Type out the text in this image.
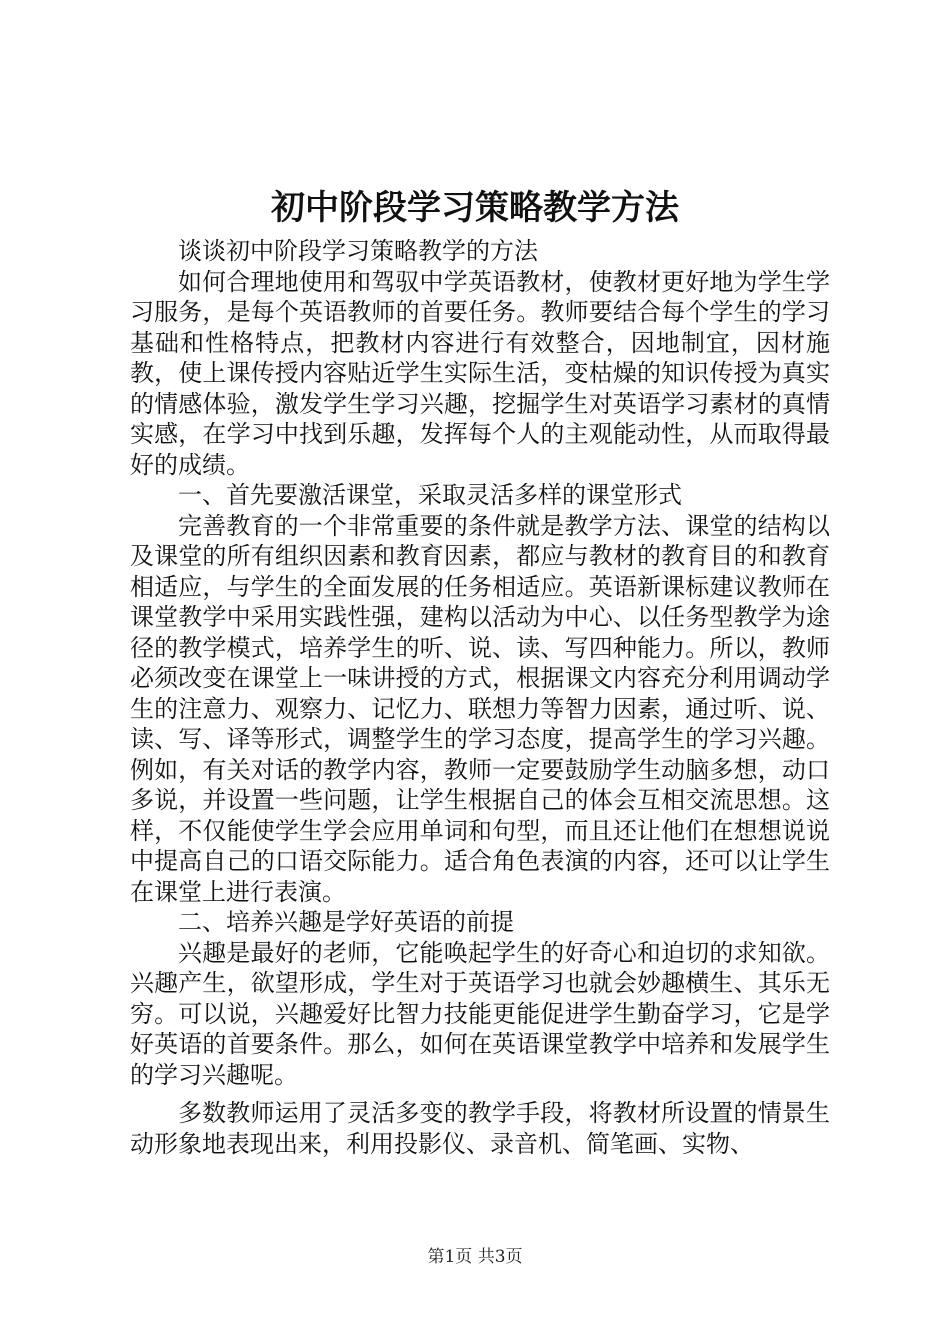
初中阶段学习策略教学方法

谈谈初中阶段学习策略教学的方法

如何合理地使用和驾驭中学英语教材，使教材更好地为学生学习服务，是每个英语教师的首要任务。教师要结合每个学生的学习基础和性格特点，把教材内容进行有效整合，因地制宜，因材施教，使上课传授内容贴近学生实际生活，变枯燥的知识传授为真实的情感体验，激发学生学习兴趣，挖掘学生对英语学习素材的真情实感，在学习中找到乐趣，发挥每个人的主观能动性，从而取得最好的成绩。

一、首先要激活课堂，采取灵活多样的课堂形式

完善教育的一个非常重要的条件就是教学方法、课堂的结构以及课堂的所有组织因素和教育因素，都应与教材的教育目的和教育相适应，与学生的全面发展的任务相适应。英语新课标建议教师在课堂教学中采用实践性强，建构以活动为中心、以任务型教学为途径的教学模式，培养学生的听、说、读、写四种能力。所以，教师必须改变在课堂上一味讲授的方式，根据课文内容充分利用调动学生的注意力、观察力、记忆力、联想力等智力因素，通过听、说、读、写、译等形式，调整学生的学习态度，提高学生的学习兴趣。例如，有关对话的教学内容，教师一定要鼓励学生动脑多想，动口多说，并设置一些问题，让学生根据自己的体会互相交流思想。这样，不仅能使学生学会应用单词和句型，而且还让他们在想想说说中提高自己的口语交际能力。适合角色表演的内容，还可以让学生在课堂上进行表演。

二、培养兴趣是学好英语的前提

兴趣是最好的老师，它能唤起学生的好奇心和迫切的求知欲。兴趣产生，欲望形成，学生对于英语学习也就会妙趣横生、其乐无穷。可以说，兴趣爱好比智力技能更能促进学生勤奋学习，它是学好英语的首要条件。那么，如何在英语课堂教学中培养和发展学生的学习兴趣呢。

多数教师运用了灵活多变的教学手段，将教材所设置的情景生动形象地表现出来，利用投影仪、录音机、简笔画、实物、

第1页 共3页
